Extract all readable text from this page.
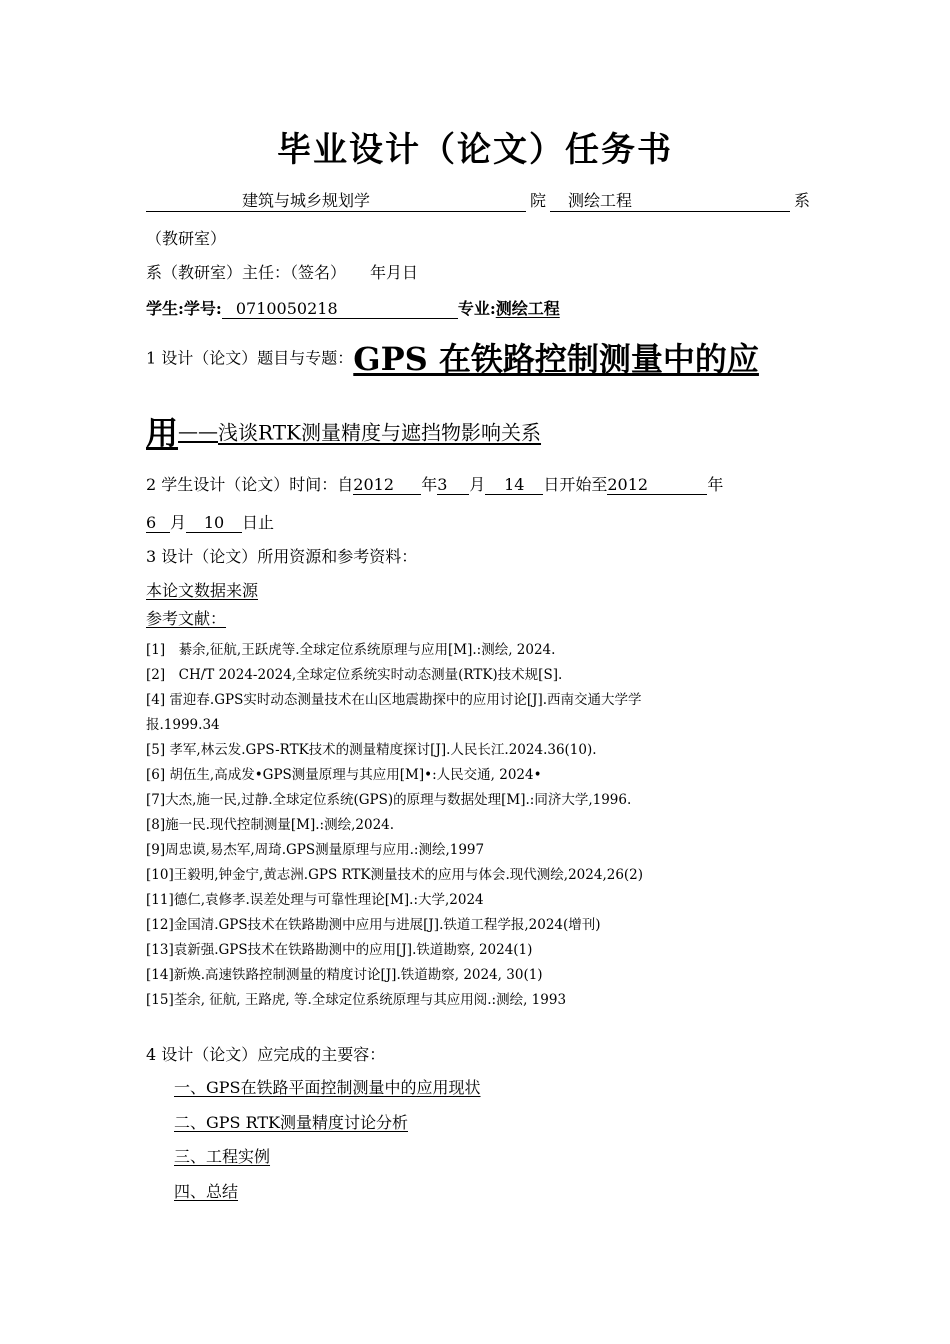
毕业设计（论文）任务书
建筑与城乡规划学	院 测绘工程	系
（教研室）
系（教研室）主任：（签名）　　年月日
学生:学号: 0710050218	专业:测绘工程
1 设计（论文）题目与专题：GPS 在铁路控制测量中的应
用——浅谈RTK测量精度与遮挡物影响关系
2 学生设计（论文）时间：自2012 年3 月 14 日开始至2012	年
6 月 10 日止
3 设计（论文）所用资源和参考资料：
本论文数据来源
参考文献：
[1]　綦余,征航,王跃虎等.全球定位系统原理与应用[M].:测绘, 2024.
[2]　CH/T 2024-2024,全球定位系统实时动态测量(RTK)技术规[S].
[4] 雷迎春.GPS实时动态测量技术在山区地震勘探中的应用讨论[J].西南交通大学学
报.1999.34
[5] 孝军,林云发.GPS-RTK技术的测量精度探讨[J].人民长江.2024.36(10).
[6] 胡伍生,高成发•GPS测量原理与其应用[M]•:人民交通, 2024•
[7]大杰,施一民,过静.全球定位系统(GPS)的原理与数据处理[M].:同济大学,1996.
[8]施一民.现代控制测量[M].:测绘,2024.
[9]周忠谟,易杰军,周琦.GPS测量原理与应用.:测绘,1997
[10]王毅明,钟金宁,黄志洲.GPS RTK测量技术的应用与体会.现代测绘,2024,26(2)
[11]德仁,袁修孝.误差处理与可靠性理论[M].:大学,2024
[12]金国清.GPS技术在铁路勘测中应用与进展[J].铁道工程学报,2024(增刊)
[13]袁新强.GPS技术在铁路勘测中的应用[J].铁道勘察, 2024(1)
[14]新焕.高速铁路控制测量的精度讨论[J].铁道勘察, 2024, 30(1)
[15]荃余, 征航, 王路虎, 等.全球定位系统原理与其应用阅.:测绘, 1993
4 设计（论文）应完成的主要容：
一、GPS在铁路平面控制测量中的应用现状
二、GPS RTK测量精度讨论分析
三、工程实例
四、总结
